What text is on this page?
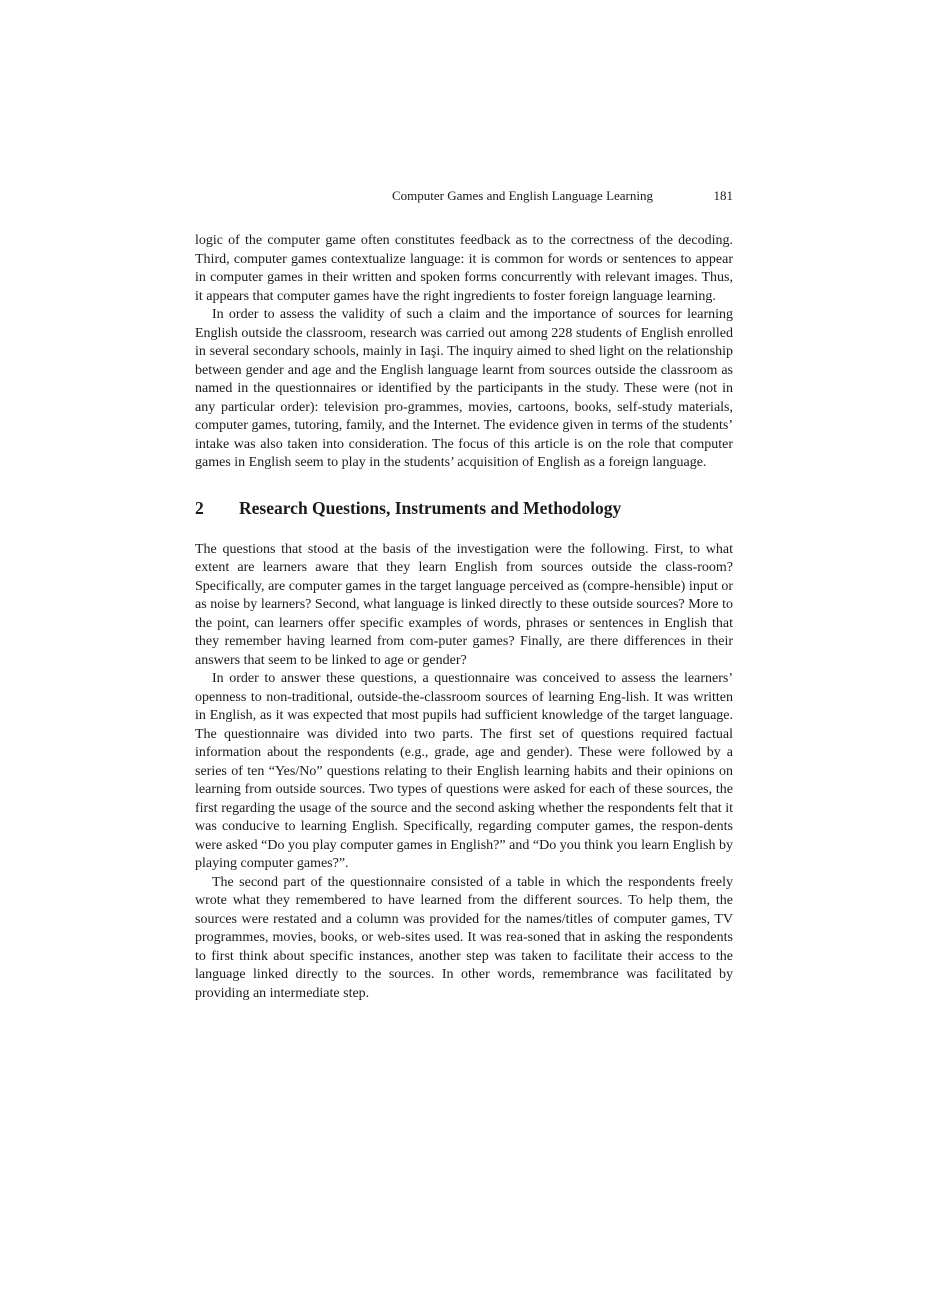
Computer Games and English Language Learning	181

logic of the computer game often constitutes feedback as to the correctness of the decoding. Third, computer games contextualize language: it is common for words or sentences to appear in computer games in their written and spoken forms concurrently with relevant images. Thus, it appears that computer games have the right ingredients to foster foreign language learning.

In order to assess the validity of such a claim and the importance of sources for learning English outside the classroom, research was carried out among 228 students of English enrolled in several secondary schools, mainly in Iaşi. The inquiry aimed to shed light on the relationship between gender and age and the English language learnt from sources outside the classroom as named in the questionnaires or identified by the participants in the study. These were (not in any particular order): television pro-grammes, movies, cartoons, books, self-study materials, computer games, tutoring, family, and the Internet. The evidence given in terms of the students’ intake was also taken into consideration. The focus of this article is on the role that computer games in English seem to play in the students’ acquisition of English as a foreign language.

2 Research Questions, Instruments and Methodology

The questions that stood at the basis of the investigation were the following. First, to what extent are learners aware that they learn English from sources outside the class-room? Specifically, are computer games in the target language perceived as (compre-hensible) input or as noise by learners? Second, what language is linked directly to these outside sources? More to the point, can learners offer specific examples of words, phrases or sentences in English that they remember having learned from com-puter games? Finally, are there differences in their answers that seem to be linked to age or gender?

In order to answer these questions, a questionnaire was conceived to assess the learners’ openness to non-traditional, outside-the-classroom sources of learning Eng-lish. It was written in English, as it was expected that most pupils had sufficient knowledge of the target language. The questionnaire was divided into two parts. The first set of questions required factual information about the respondents (e.g., grade, age and gender). These were followed by a series of ten “Yes/No” questions relating to their English learning habits and their opinions on learning from outside sources. Two types of questions were asked for each of these sources, the first regarding the usage of the source and the second asking whether the respondents felt that it was conducive to learning English. Specifically, regarding computer games, the respon-dents were asked “Do you play computer games in English?” and “Do you think you learn English by playing computer games?”.

The second part of the questionnaire consisted of a table in which the respondents freely wrote what they remembered to have learned from the different sources. To help them, the sources were restated and a column was provided for the names/titles of computer games, TV programmes, movies, books, or web-sites used. It was rea-soned that in asking the respondents to first think about specific instances, another step was taken to facilitate their access to the language linked directly to the sources. In other words, remembrance was facilitated by providing an intermediate step.
